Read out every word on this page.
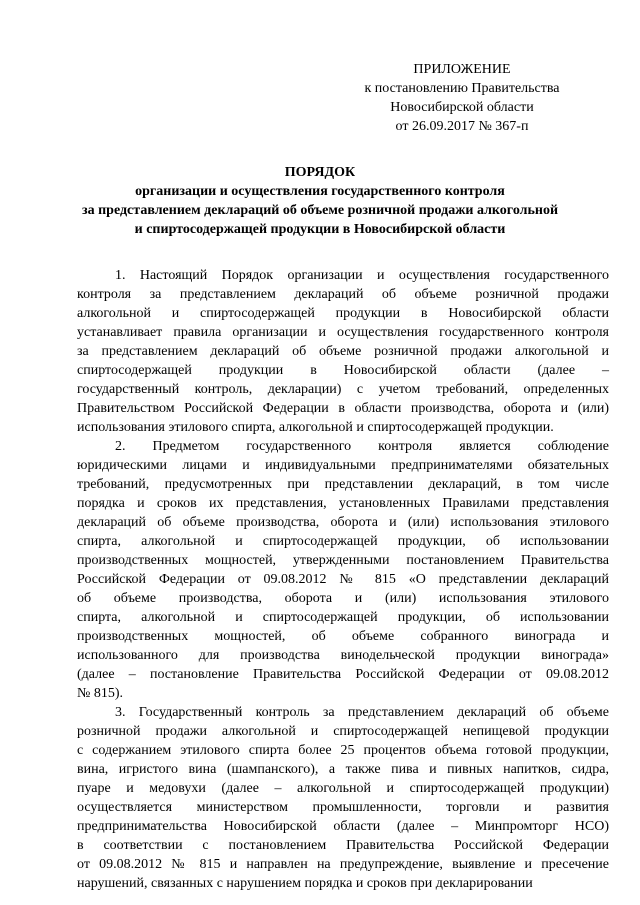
ПРИЛОЖЕНИЕ
к постановлению Правительства
Новосибирской области
от 26.09.2017 № 367-п
ПОРЯДОК
организации и осуществления государственного контроля
за представлением деклараций об объеме розничной продажи алкогольной
и спиртосодержащей продукции в Новосибирской области
1. Настоящий Порядок организации и осуществления государственного
контроля за представлением деклараций об объеме розничной продажи
алкогольной и спиртосодержащей продукции в Новосибирской области
устанавливает правила организации и осуществления государственного контроля
за представлением деклараций об объеме розничной продажи алкогольной и
спиртосодержащей продукции в Новосибирской области (далее –
государственный контроль, декларации) с учетом требований, определенных
Правительством Российской Федерации в области производства, оборота и (или)
использования этилового спирта, алкогольной и спиртосодержащей продукции.
2. Предметом государственного контроля является соблюдение
юридическими лицами и индивидуальными предпринимателями обязательных
требований, предусмотренных при представлении деклараций, в том числе
порядка и сроков их представления, установленных Правилами представления
деклараций об объеме производства, оборота и (или) использования этилового
спирта, алкогольной и спиртосодержащей продукции, об использовании
производственных мощностей, утвержденными постановлением Правительства
Российской Федерации от 09.08.2012 № 815 «О представлении деклараций
об объеме производства, оборота и (или) использования этилового
спирта, алкогольной и спиртосодержащей продукции, об использовании
производственных мощностей, об объеме собранного винограда и
использованного для производства винодельческой продукции винограда»
(далее – постановление Правительства Российской Федерации от 09.08.2012
№ 815).
3. Государственный контроль за представлением деклараций об объеме
розничной продажи алкогольной и спиртосодержащей непищевой продукции
с содержанием этилового спирта более 25 процентов объема готовой продукции,
вина, игристого вина (шампанского), а также пива и пивных напитков, сидра,
пуаре и медовухи (далее – алкогольной и спиртосодержащей продукции)
осуществляется министерством промышленности, торговли и развития
предпринимательства Новосибирской области (далее – Минпромторг НСО)
в соответствии с постановлением Правительства Российской Федерации
от 09.08.2012 № 815 и направлен на предупреждение, выявление и пресечение
нарушений, связанных с нарушением порядка и сроков при декларировании
